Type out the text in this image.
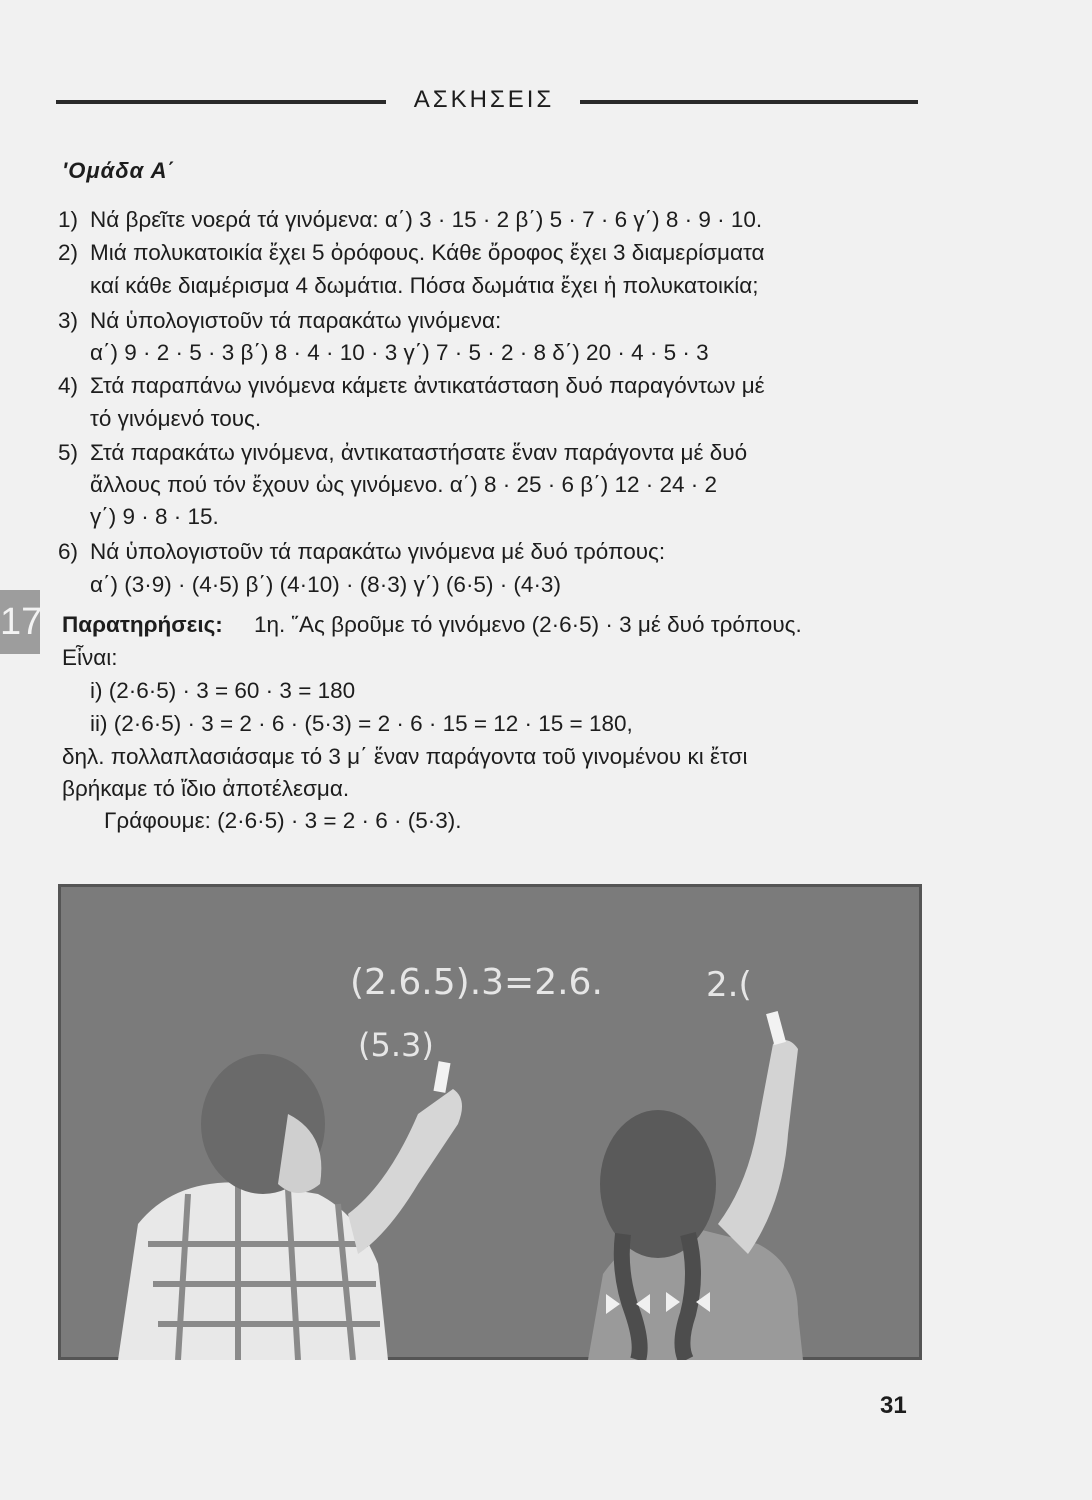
ΑΣΚΗΣΕΙΣ
'Ομάδα Α΄
1) Νά βρεῖτε νοερά τά γινόμενα: α΄) 3 · 15 · 2 β΄) 5 · 7 · 6 γ΄) 8 · 9 · 10.
2) Μιά πολυκατοικία ἔχει 5 ὀρόφους. Κάθε ὄροφος ἔχει 3 διαμερίσματα
καί κάθε διαμέρισμα 4 δωμάτια. Πόσα δωμάτια ἔχει ἡ πολυκατοικία;
3) Νά ὑπολογιστοῦν τά παρακάτω γινόμενα:
α΄) 9 · 2 · 5 · 3 β΄) 8 · 4 · 10 · 3 γ΄) 7 · 5 · 2 · 8 δ΄) 20 · 4 · 5 · 3
4) Στά παραπάνω γινόμενα κάμετε ἀντικατάσταση δυό παραγόντων μέ
τό γινόμενό τους.
5) Στά παρακάτω γινόμενα, ἀντικαταστήσατε ἕναν παράγοντα μέ δυό
ἄλλους πού τόν ἔχουν ὡς γινόμενο. α΄) 8 · 25 · 6 β΄) 12 · 24 · 2
γ΄) 9 · 8 · 15.
6) Νά ὑπολογιστοῦν τά παρακάτω γινόμενα μέ δυό τρόπους:
α΄) (3·9) · (4·5) β΄) (4·10) · (8·3) γ΄) (6·5) · (4·3)
17 Παρατηρήσεις: 1η. ῞Ας βροῦμε τό γινόμενο (2·6·5) · 3 μέ δυό τρόπους.
Εἶναι:
i) (2·6·5) · 3 = 60 · 3 = 180
ii) (2·6·5) · 3 = 2 · 6 · (5·3) = 2 · 6 · 15 = 12 · 15 = 180,
δηλ. πολλαπλασιάσαμε τό 3 μ΄ ἕναν παράγοντα τοῦ γινομένου κι ἔτσι
βρήκαμε τό ἴδιο ἀποτέλεσμα.
Γράφουμε: (2·6·5) · 3 = 2 · 6 · (5·3).
(2.6.5).3=2.6.	2.(
(5.3)
31
